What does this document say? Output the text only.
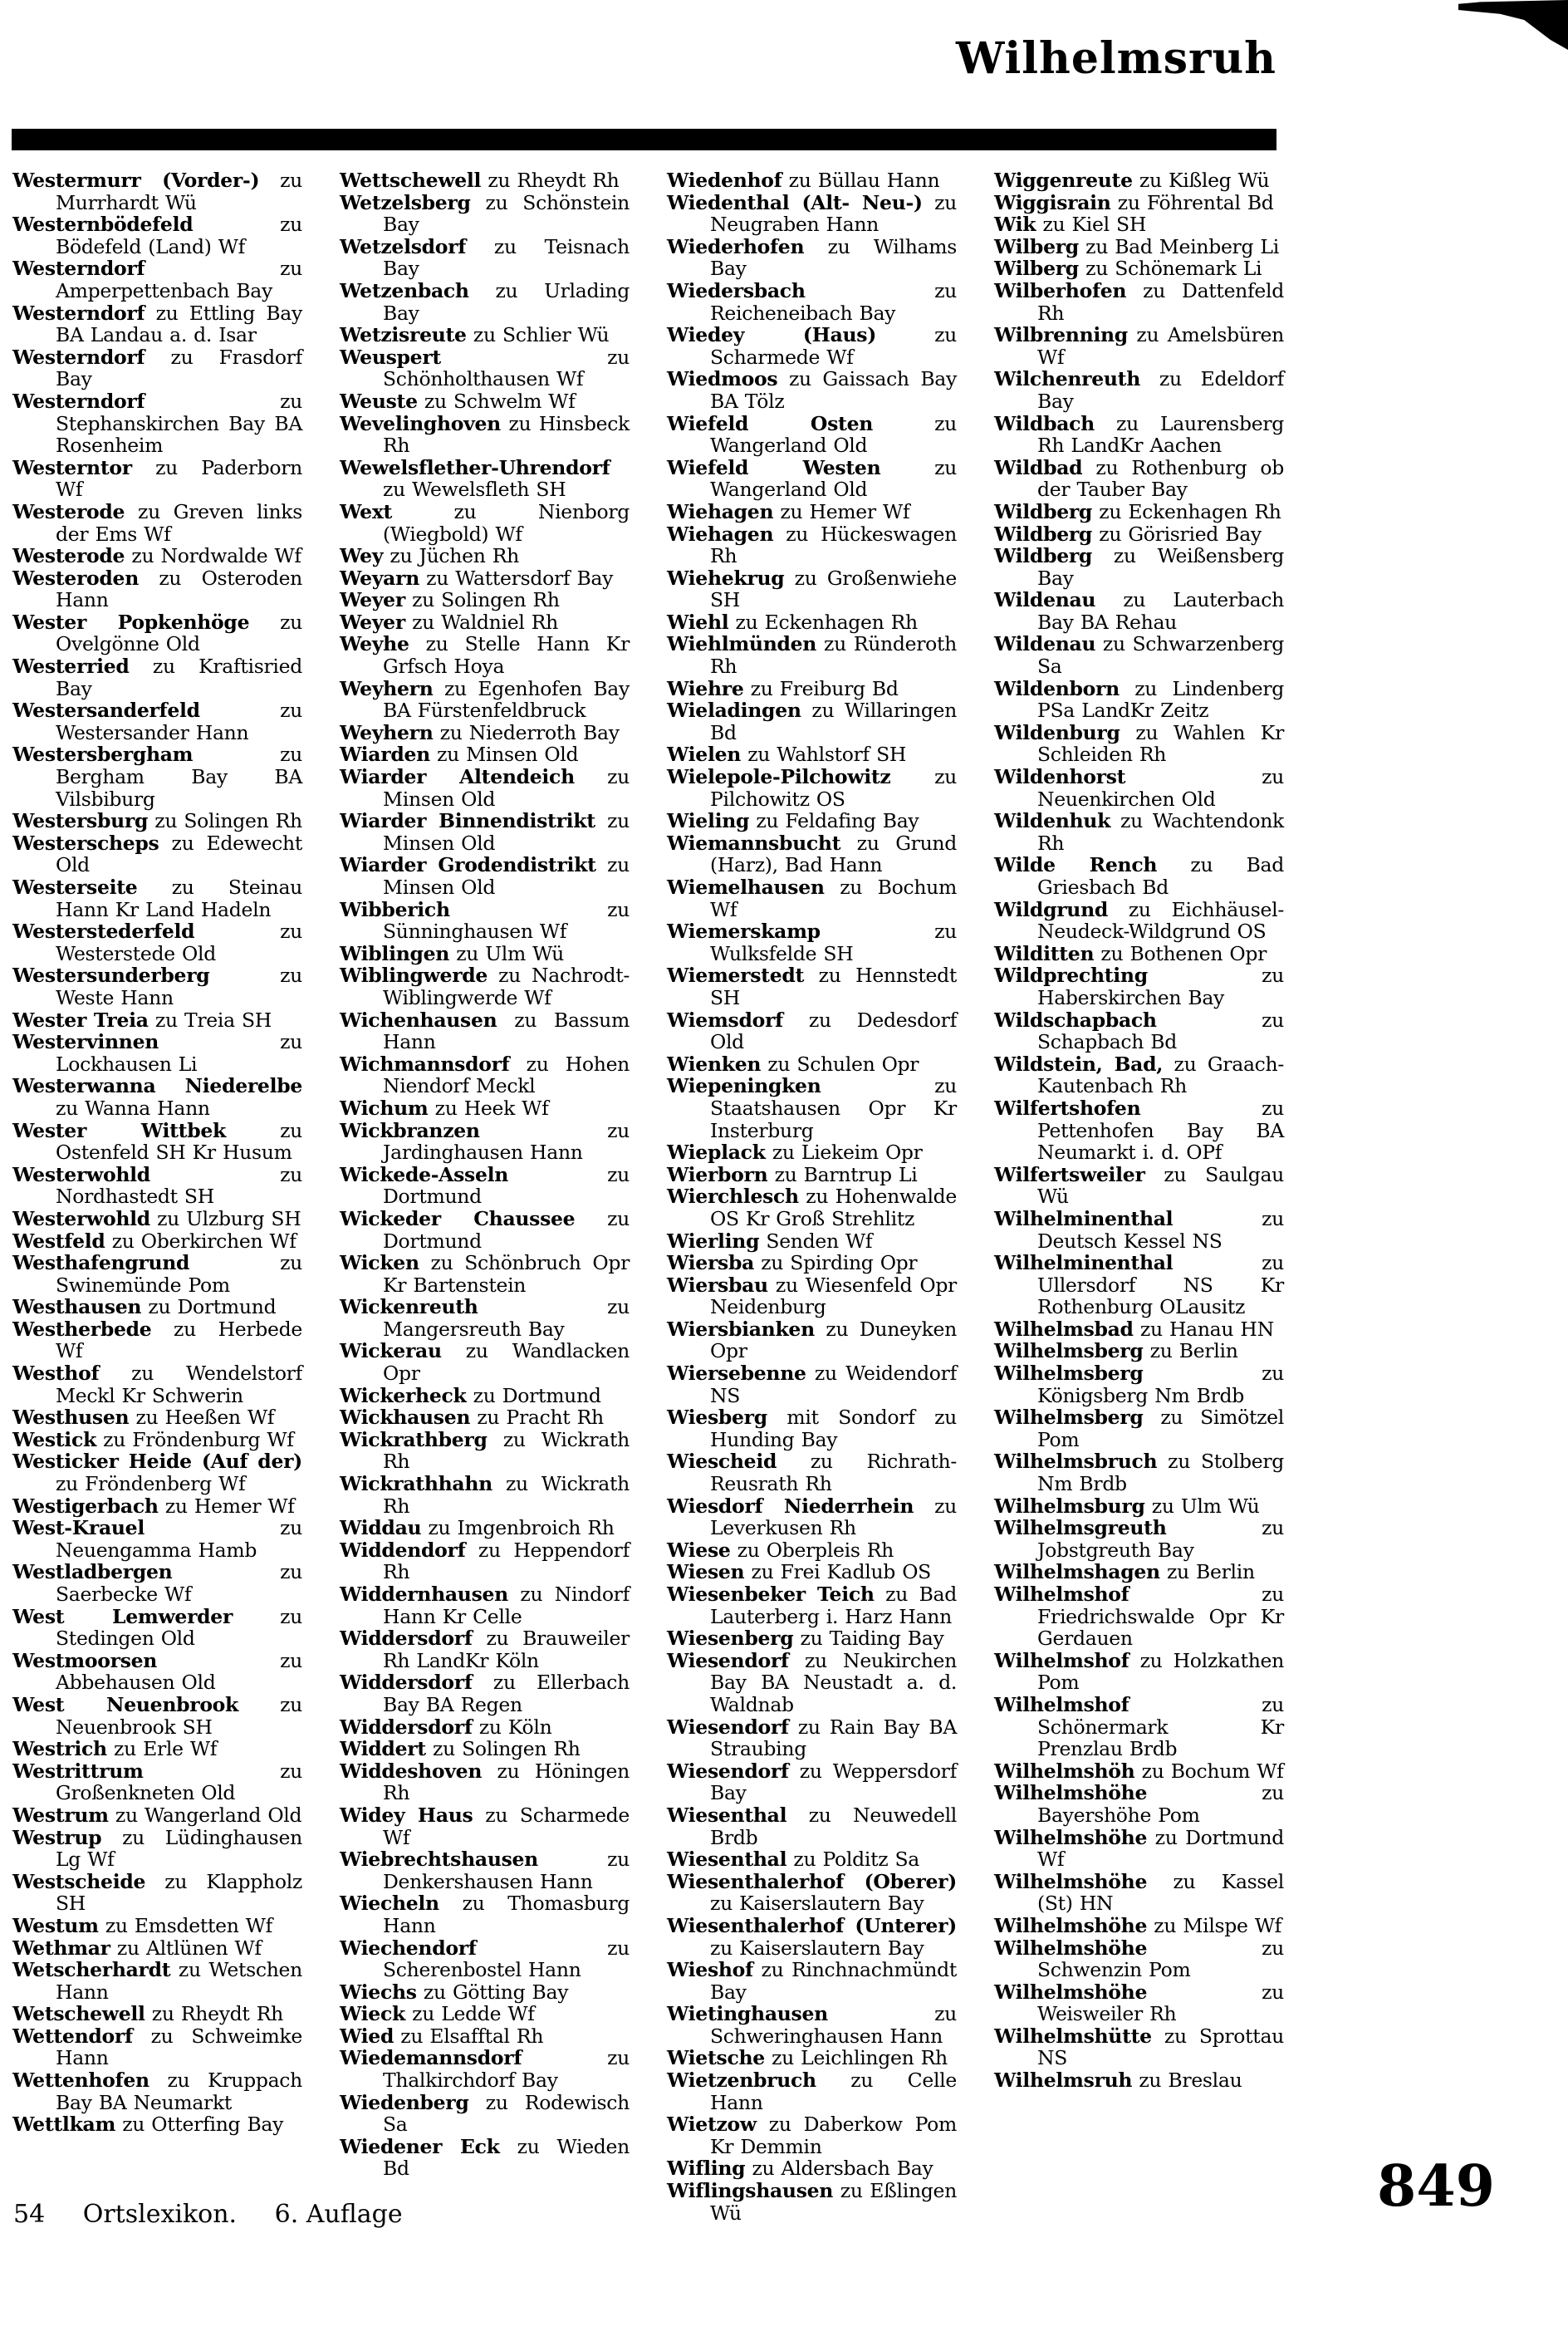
Wilhelmsruh
Westermurr (Vorder-) zu Murrhardt Wü
Westernbödefeld	zu Bödefeld (Land) Wf
Westerndorf	zu Amperpettenbach Bay
Westerndorf zu Ettling Bay BA Landau a. d. Isar
Westerndorf zu Frasdorf Bay
Westerndorf	zu Stephanskirchen Bay BA Rosenheim
Westerntor zu Paderborn Wf
Westerode zu Greven links der Ems Wf
Westerode zu Nordwalde Wf
Westeroden zu Osteroden Hann
Wester Popkenhöge zu Ovelgönne Old
Westerried zu Kraftisried Bay
Westersanderfeld	zu Westersander Hann
Westersbergham	zu Bergham Bay BA Vilsbiburg
Westersburg zu Solingen Rh
Westerscheps zu Edewecht Old
Westerseite zu Steinau Hann Kr Land Hadeln
Westerstederfeld	zu Westerstede Old
Westersunderberg	zu Weste Hann
Wester Treia zu Treia SH
Westervinnen	zu Lockhausen Li
Westerwanna Niederelbe zu Wanna Hann
Wester Wittbek	zu Ostenfeld SH Kr Husum
Westerwohld	zu Nordhastedt SH
Westerwohld zu Ulzburg SH
Westfeld zu Oberkirchen Wf
Westhafengrund	zu Swinemünde Pom
Westhausen zu Dortmund
Westherbede zu Herbede Wf
Westhof zu Wendelstorf Meckl Kr Schwerin
Westhusen zu Heeßen Wf
Westick zu Fröndenburg Wf
Westicker Heide (Auf der) zu Fröndenberg Wf
Westigerbach zu Hemer Wf
West-Krauel	zu Neuengamma Hamb
Westladbergen	zu Saerbecke Wf
West Lemwerder zu Stedingen Old
Westmoorsen	zu Abbehausen Old
West Neuenbrook zu Neuenbrook SH
Westrich zu Erle Wf
Westrittrum	zu Großenkneten Old
Westrum zu Wangerland Old
Westrup zu Lüdinghausen Lg Wf
Westscheide zu Klappholz SH
Westum zu Emsdetten Wf
Wethmar zu Altlünen Wf
Wetscherhardt zu Wetschen Hann
Wetschewell zu Rheydt Rh
Wettendorf zu Schweimke Hann
Wettenhofen zu Kruppach Bay BA Neumarkt
Wettlkam zu Otterfing Bay
Wettschewell zu Rheydt Rh
Wetzelsberg zu Schönstein Bay
Wetzelsdorf zu Teisnach Bay
Wetzenbach zu Urlading Bay
Wetzisreute zu Schlier Wü
Weuspert	zu Schönholthausen Wf
Weuste zu Schwelm Wf
Wevelinghoven zu Hinsbeck Rh
Wewelsflether-Uhrendorf zu Wewelsfleth SH
Wext	zu Nienborg (Wiegbold) Wf
Wey zu Jüchen Rh
Weyarn zu Wattersdorf Bay
Weyer zu Solingen Rh
Weyer zu Waldniel Rh
Weyhe zu Stelle Hann Kr Grfsch Hoya
Weyhern zu Egenhofen Bay BA Fürstenfeldbruck
Weyhern zu Niederroth Bay
Wiarden zu Minsen Old
Wiarder Altendeich zu Minsen Old
Wiarder Binnendistrikt zu Minsen Old
Wiarder Grodendistrikt zu Minsen Old
Wibberich	zu Sünninghausen Wf
Wiblingen zu Ulm Wü
Wiblingwerde zu Nachrodt-Wiblingwerde Wf
Wichenhausen zu Bassum Hann
Wichmannsdorf zu Hohen Niendorf Meckl
Wichum zu Heek Wf
Wickbranzen	zu Jardinghausen Hann
Wickede-Asseln	zu Dortmund
Wickeder Chaussee zu Dortmund
Wicken zu Schönbruch Opr Kr Bartenstein
Wickenreuth	zu Mangersreuth Bay
Wickerau zu Wandlacken Opr
Wickerheck zu Dortmund
Wickhausen zu Pracht Rh
Wickrathberg zu Wickrath Rh
Wickrathhahn zu Wickrath Rh
Widdau zu Imgenbroich Rh
Widdendorf zu Heppendorf Rh
Widdernhausen zu Nindorf Hann Kr Celle
Widdersdorf zu Brauweiler Rh LandKr Köln
Widdersdorf zu Ellerbach Bay BA Regen
Widdersdorf zu Köln
Widdert zu Solingen Rh
Widdeshoven zu Höningen Rh
Widey Haus zu Scharmede Wf
Wiebrechtshausen	zu Denkershausen Hann
Wiecheln zu Thomasburg Hann
Wiechendorf	zu Scherenbostel Hann
Wiechs zu Götting Bay
Wieck zu Ledde Wf
Wied zu Elsafftal Rh
Wiedemannsdorf	zu Thalkirchdorf Bay
Wiedenberg zu Rodewisch Sa
Wiedener Eck zu Wieden Bd
Wiedenhof zu Büllau Hann
Wiedenthal (Alt- Neu-) zu Neugraben Hann
Wiederhofen zu Wilhams Bay
Wiedersbach	zu Reicheneibach Bay
Wiedey (Haus)	zu Scharmede Wf
Wiedmoos zu Gaissach Bay BA Tölz
Wiefeld Osten	zu Wangerland Old
Wiefeld Westen	zu Wangerland Old
Wiehagen zu Hemer Wf
Wiehagen zu Hückeswagen Rh
Wiehekrug zu Großenwiehe SH
Wiehl zu Eckenhagen Rh
Wiehlmünden zu Ründeroth Rh
Wiehre zu Freiburg Bd
Wieladingen zu Willaringen Bd
Wielen zu Wahlstorf SH
Wielepole-Pilchowitz zu Pilchowitz OS
Wieling zu Feldafing Bay
Wiemannsbucht zu Grund (Harz), Bad Hann
Wiemelhausen zu Bochum Wf
Wiemerskamp	zu Wulksfelde SH
Wiemerstedt zu Hennstedt SH
Wiemsdorf zu Dedesdorf Old
Wienken zu Schulen Opr
Wiepeningken	zu Staatshausen Opr Kr Insterburg
Wieplack zu Liekeim Opr
Wierborn zu Barntrup Li
Wierchlesch zu Hohenwalde OS Kr Groß Strehlitz
Wierling Senden Wf
Wiersba zu Spirding Opr
Wiersbau zu Wiesenfeld Opr Neidenburg
Wiersbianken zu Duneyken Opr
Wiersebenne zu Weidendorf NS
Wiesberg mit Sondorf zu Hunding Bay
Wiescheid zu Richrath-Reusrath Rh
Wiesdorf Niederrhein zu Leverkusen Rh
Wiese zu Oberpleis Rh
Wiesen zu Frei Kadlub OS
Wiesenbeker Teich zu Bad Lauterberg i. Harz Hann
Wiesenberg zu Taiding Bay
Wiesendorf zu Neukirchen Bay BA Neustadt a. d. Waldnab
Wiesendorf zu Rain Bay BA Straubing
Wiesendorf zu Weppersdorf Bay
Wiesenthal zu Neuwedell Brdb
Wiesenthal zu Polditz Sa
Wiesenthalerhof (Oberer) zu Kaiserslautern Bay
Wiesenthalerhof (Unterer) zu Kaiserslautern Bay
Wieshof zu Rinchnachmündt Bay
Wietinghausen	zu Schweringhausen Hann
Wietsche zu Leichlingen Rh
Wietzenbruch zu Celle Hann
Wietzow zu Daberkow Pom Kr Demmin
Wifling zu Aldersbach Bay
Wiflingshausen zu Eßlingen Wü
Wiggenreute zu Kißleg Wü
Wiggisrain zu Föhrental Bd
Wik zu Kiel SH
Wilberg zu Bad Meinberg Li
Wilberg zu Schönemark Li
Wilberhofen zu Dattenfeld Rh
Wilbrenning zu Amelsbüren Wf
Wilchenreuth zu Edeldorf Bay
Wildbach zu Laurensberg Rh LandKr Aachen
Wildbad zu Rothenburg ob der Tauber Bay
Wildberg zu Eckenhagen Rh
Wildberg zu Görisried Bay
Wildberg zu Weißensberg Bay
Wildenau zu Lauterbach Bay BA Rehau
Wildenau zu Schwarzenberg Sa
Wildenborn zu Lindenberg PSa LandKr Zeitz
Wildenburg zu Wahlen Kr Schleiden Rh
Wildenhorst	zu Neuenkirchen Old
Wildenhuk zu Wachtendonk Rh
Wilde Rench zu Bad Griesbach Bd
Wildgrund zu Eichhäusel-Neudeck-Wildgrund OS
Wilditten zu Bothenen Opr
Wildprechting	zu Haberskirchen Bay
Wildschapbach	zu Schapbach Bd
Wildstein, Bad, zu Graach-Kautenbach Rh
Wilfertshofen	zu Pettenhofen Bay BA Neumarkt i. d. OPf
Wilfertsweiler zu Saulgau Wü
Wilhelminenthal	zu Deutsch Kessel NS
Wilhelminenthal	zu Ullersdorf NS Kr Rothenburg OLausitz
Wilhelmsbad zu Hanau HN
Wilhelmsberg zu Berlin
Wilhelmsberg	zu Königsberg Nm Brdb
Wilhelmsberg zu Simötzel Pom
Wilhelmsbruch zu Stolberg Nm Brdb
Wilhelmsburg zu Ulm Wü
Wilhelmsgreuth	zu Jobstgreuth Bay
Wilhelmshagen zu Berlin
Wilhelmshof	zu Friedrichswalde Opr Kr Gerdauen
Wilhelmshof zu Holzkathen Pom
Wilhelmshof	zu Schönermark Kr Prenzlau Brdb
Wilhelmshöh zu Bochum Wf
Wilhelmshöhe	zu Bayershöhe Pom
Wilhelmshöhe zu Dortmund Wf
Wilhelmshöhe zu Kassel (St) HN
Wilhelmshöhe zu Milspe Wf
Wilhelmshöhe	zu Schwenzin Pom
Wilhelmshöhe	zu Weisweiler Rh
Wilhelmshütte zu Sprottau NS
Wilhelmsruh zu Breslau
849
54 Ortslexikon. 6. Auflage
